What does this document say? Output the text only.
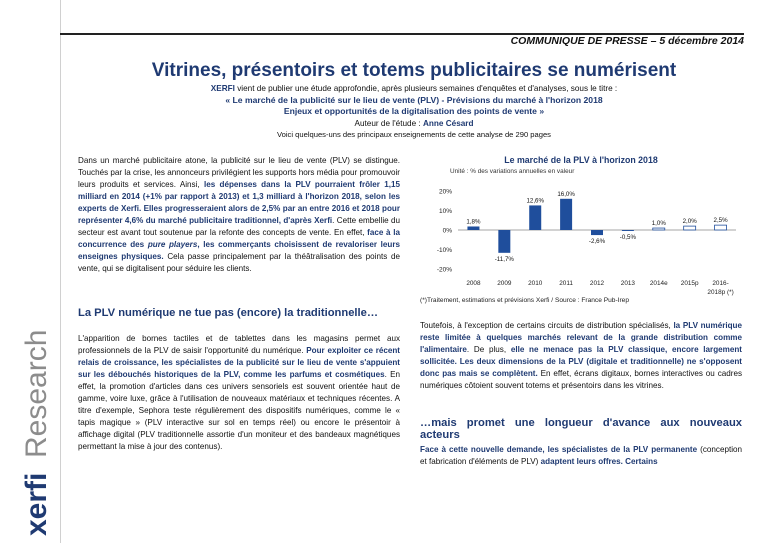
xerfi
Research
COMMUNIQUE DE PRESSE – 5 décembre 2014
Vitrines, présentoirs et totems publicitaires se numérisent
XERFI vient de publier une étude approfondie, après plusieurs semaines d'enquêtes et d'analyses, sous le titre :
« Le marché de la publicité sur le lieu de vente (PLV) - Prévisions du marché à l'horizon 2018
Enjeux et opportunités de la digitalisation des points de vente »
Auteur de l'étude : Anne Césard
Voici quelques-uns des principaux enseignements de cette analyse de 290 pages
Dans un marché publicitaire atone, la publicité sur le lieu de vente (PLV) se distingue. Touchés par la crise, les annonceurs privilégient les supports hors média pour promouvoir leurs produits et services. Ainsi, les dépenses dans la PLV pourraient frôler 1,15 milliard en 2014 (+1% par rapport à 2013) et 1,3 milliard à l'horizon 2018, selon les experts de Xerfi. Elles progresseraient alors de 2,5% par an entre 2016 et 2018 pour représenter 4,6% du marché publicitaire traditionnel, d'après Xerfi. Cette embellie du secteur est avant tout soutenue par la refonte des concepts de vente. En effet, face à la concurrence des pure players, les commerçants choisissent de revaloriser leurs enseignes physiques. Cela passe principalement par la théâtralisation des points de vente, qui se digitalisent pour séduire les clients.
La PLV numérique ne tue pas (encore) la traditionnelle…
L'apparition de bornes tactiles et de tablettes dans les magasins permet aux professionnels de la PLV de saisir l'opportunité du numérique. Pour exploiter ce récent relais de croissance, les spécialistes de la publicité sur le lieu de vente s'appuient sur les débouchés historiques de la PLV, comme les parfums et cosmétiques. En effet, la promotion d'articles dans ces univers sensoriels est souvent orientée haut de gamme, voire luxe, grâce à l'utilisation de nouveaux matériaux et techniques récentes. A titre d'exemple, Sephora teste régulièrement des dispositifs numériques, comme le « tapis magique » (PLV interactive sur sol en temps réel) ou encore le présentoir à affichage digital (PLV traditionnelle assortie d'un moniteur et des bandeaux magnétiques permettant la mise à jour des contenus).
Le marché de la PLV à l'horizon 2018
Unité : % des variations annuelles en valeur
20%
10%
0%
-10%
-20%
1,8%
2008
-11,7%
2009
12,6%
2010
16,0%
2011
-2,6%
2012
-0,5%
2013
1,0%
2014e
2,0%
2015p
2,5%
2016-
2018p (*)
(*)Traitement, estimations et prévisions Xerfi / Source : France Pub-Irep
Toutefois, à l'exception de certains circuits de distribution spécialisés, la PLV numérique reste limitée à quelques marchés relevant de la grande distribution comme l'alimentaire. De plus, elle ne menace pas la PLV classique, encore largement sollicitée. Les deux dimensions de la PLV (digitale et traditionnelle) ne s'opposent donc pas mais se complètent. En effet, écrans digitaux, bornes interactives ou cadres numériques côtoient souvent totems et présentoirs dans les vitrines.
…mais promet une longueur d'avance aux nouveaux acteurs
Face à cette nouvelle demande, les spécialistes de la PLV permanente (conception et fabrication d'éléments de PLV) adaptent leurs offres. Certains
